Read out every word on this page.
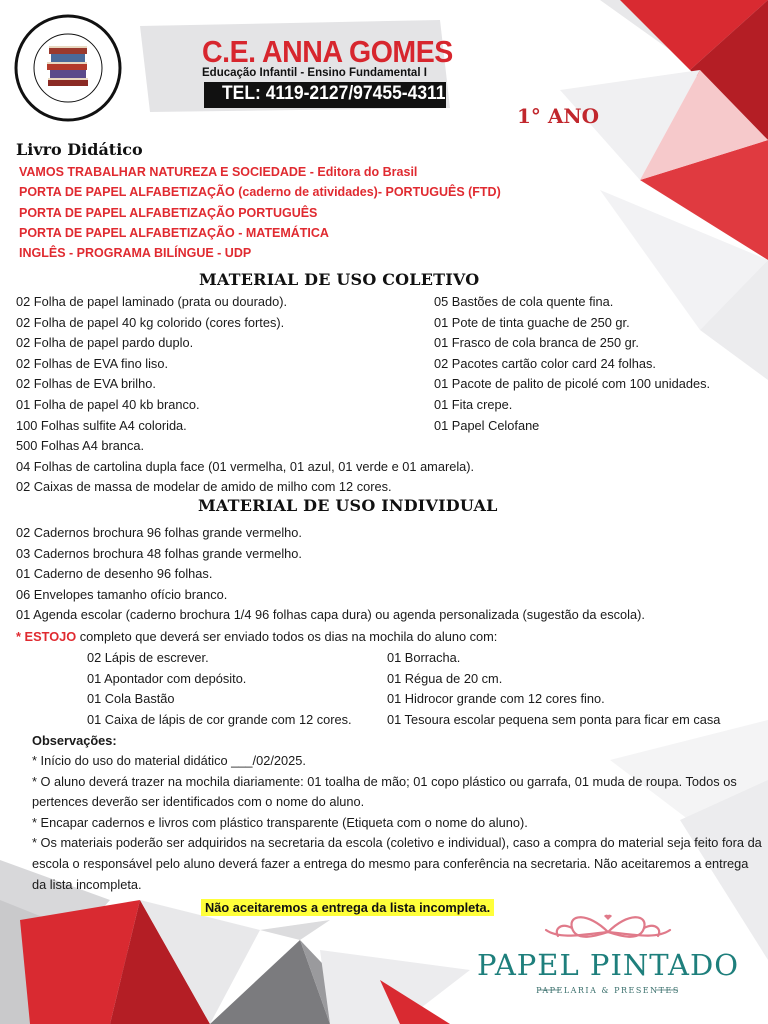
C.E. ANNA GOMES
Educação Infantil - Ensino Fundamental I
TEL: 4119-2127/97455-4311
1° ANO
Livro Didático
VAMOS TRABALHAR NATUREZA E SOCIEDADE - Editora do Brasil
PORTA DE PAPEL ALFABETIZAÇÃO (caderno de atividades)- PORTUGUÊS (FTD)
PORTA DE PAPEL ALFABETIZAÇÃO PORTUGUÊS
PORTA DE PAPEL ALFABETIZAÇÃO - MATEMÁTICA
INGLÊS - PROGRAMA BILÍNGUE - UDP
MATERIAL DE USO COLETIVO
02 Folha de papel laminado (prata ou dourado).
02 Folha de papel 40 kg colorido (cores fortes).
02 Folha de papel pardo duplo.
02 Folhas de EVA fino liso.
02 Folhas de EVA brilho.
01 Folha de papel 40 kb branco.
100 Folhas sulfite A4 colorida.
500 Folhas A4 branca.
04 Folhas de cartolina dupla face (01 vermelha, 01 azul, 01 verde e 01 amarela).
02 Caixas de massa de modelar de amido de milho com 12 cores.
05 Bastões de cola quente fina.
01 Pote de tinta guache de 250 gr.
01 Frasco de cola branca de 250 gr.
02 Pacotes cartão color card 24 folhas.
01 Pacote de palito de picolé com 100 unidades.
01 Fita crepe.
01 Papel Celofane
MATERIAL DE USO INDIVIDUAL
02 Cadernos brochura 96 folhas grande vermelho.
03 Cadernos brochura 48 folhas grande vermelho.
01 Caderno de desenho 96 folhas.
06 Envelopes tamanho ofício branco.
01 Agenda escolar (caderno brochura 1/4 96 folhas capa dura) ou agenda personalizada (sugestão da escola).
* ESTOJO completo que deverá ser enviado todos os dias na mochila do aluno com:
02 Lápis de escrever.
01 Apontador com depósito.
01 Cola Bastão
01 Caixa de lápis de cor grande com 12 cores.
01 Borracha.
01 Régua de 20 cm.
01 Hidrocor grande com 12 cores fino.
01 Tesoura escolar pequena sem ponta para ficar em casa
Observações:
* Início do uso do material didático ___/02/2025.
* O aluno deverá trazer na mochila diariamente: 01 toalha de mão; 01 copo plástico ou garrafa, 01 muda de roupa. Todos os pertences deverão ser identificados com o nome do aluno.
* Encapar cadernos e livros com plástico transparente (Etiqueta com o nome do aluno).
* Os materiais poderão ser adquiridos na secretaria da escola (coletivo e individual), caso a compra do material seja feito fora da escola o responsável pelo aluno deverá fazer a entrega do mesmo para conferência na secretaria. Não aceitaremos a entrega da lista incompleta.
Não aceitaremos a entrega da lista incompleta.
PAPEL PINTADO
PAPELARIA & PRESENTES
